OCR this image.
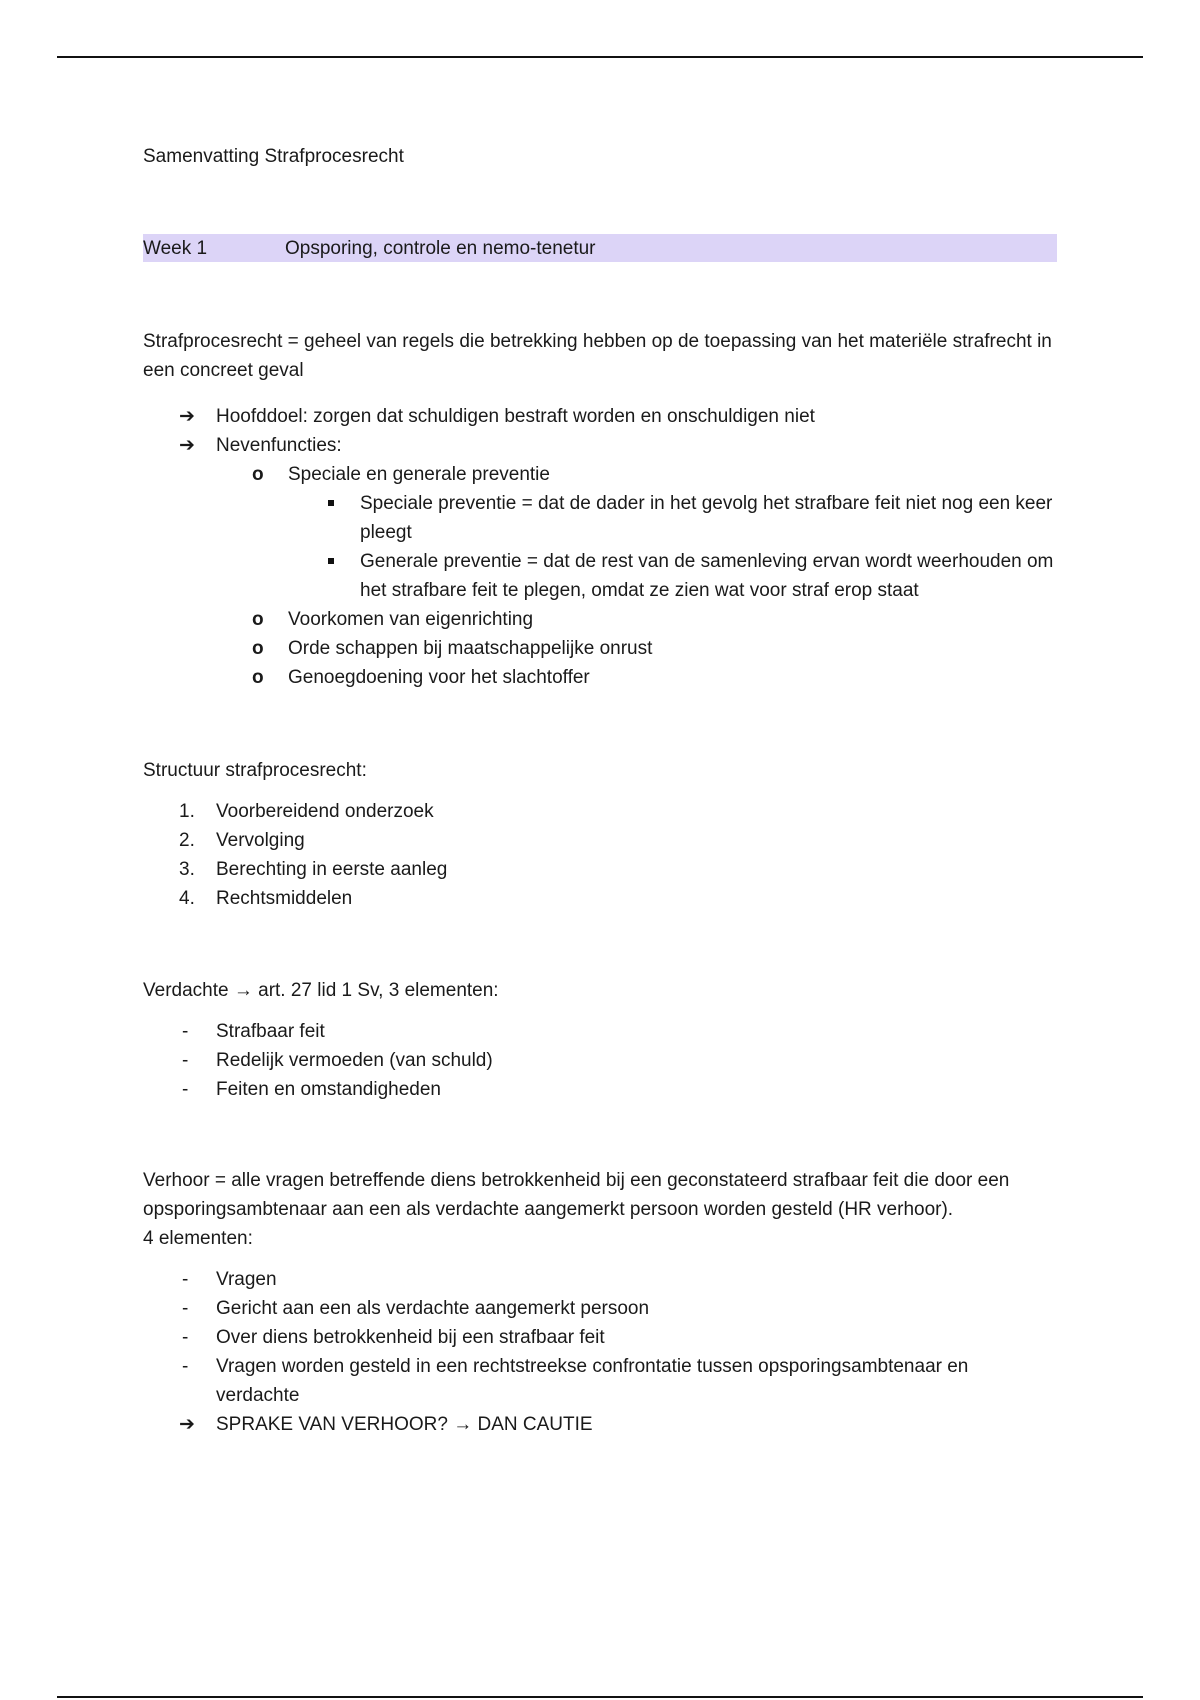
Samenvatting Strafprocesrecht
Week 1	Opsporing, controle en nemo-tenetur

Strafprocesrecht = geheel van regels die betrekking hebben op de toepassing van het materiële strafrecht in een concreet geval

➔ Hoofddoel: zorgen dat schuldigen bestraft worden en onschuldigen niet
➔ Nevenfuncties:
o Speciale en generale preventie
Speciale preventie = dat de dader in het gevolg het strafbare feit niet nog een keer pleegt
Generale preventie = dat de rest van de samenleving ervan wordt weerhouden om het strafbare feit te plegen, omdat ze zien wat voor straf erop staat
o Voorkomen van eigenrichting
o Orde schappen bij maatschappelijke onrust
o Genoegdoening voor het slachtoffer

Structuur strafprocesrecht:

1. Voorbereidend onderzoek
2. Vervolging
3. Berechting in eerste aanleg
4. Rechtsmiddelen

Verdachte → art. 27 lid 1 Sv, 3 elementen:

- Strafbaar feit
- Redelijk vermoeden (van schuld)
- Feiten en omstandigheden

Verhoor = alle vragen betreffende diens betrokkenheid bij een geconstateerd strafbaar feit die door een opsporingsambtenaar aan een als verdachte aangemerkt persoon worden gesteld (HR verhoor).

4 elementen:

- Vragen
- Gericht aan een als verdachte aangemerkt persoon
- Over diens betrokkenheid bij een strafbaar feit
- Vragen worden gesteld in een rechtstreekse confrontatie tussen opsporingsambtenaar en verdachte
➔ SPRAKE VAN VERHOOR? → DAN CAUTIE
